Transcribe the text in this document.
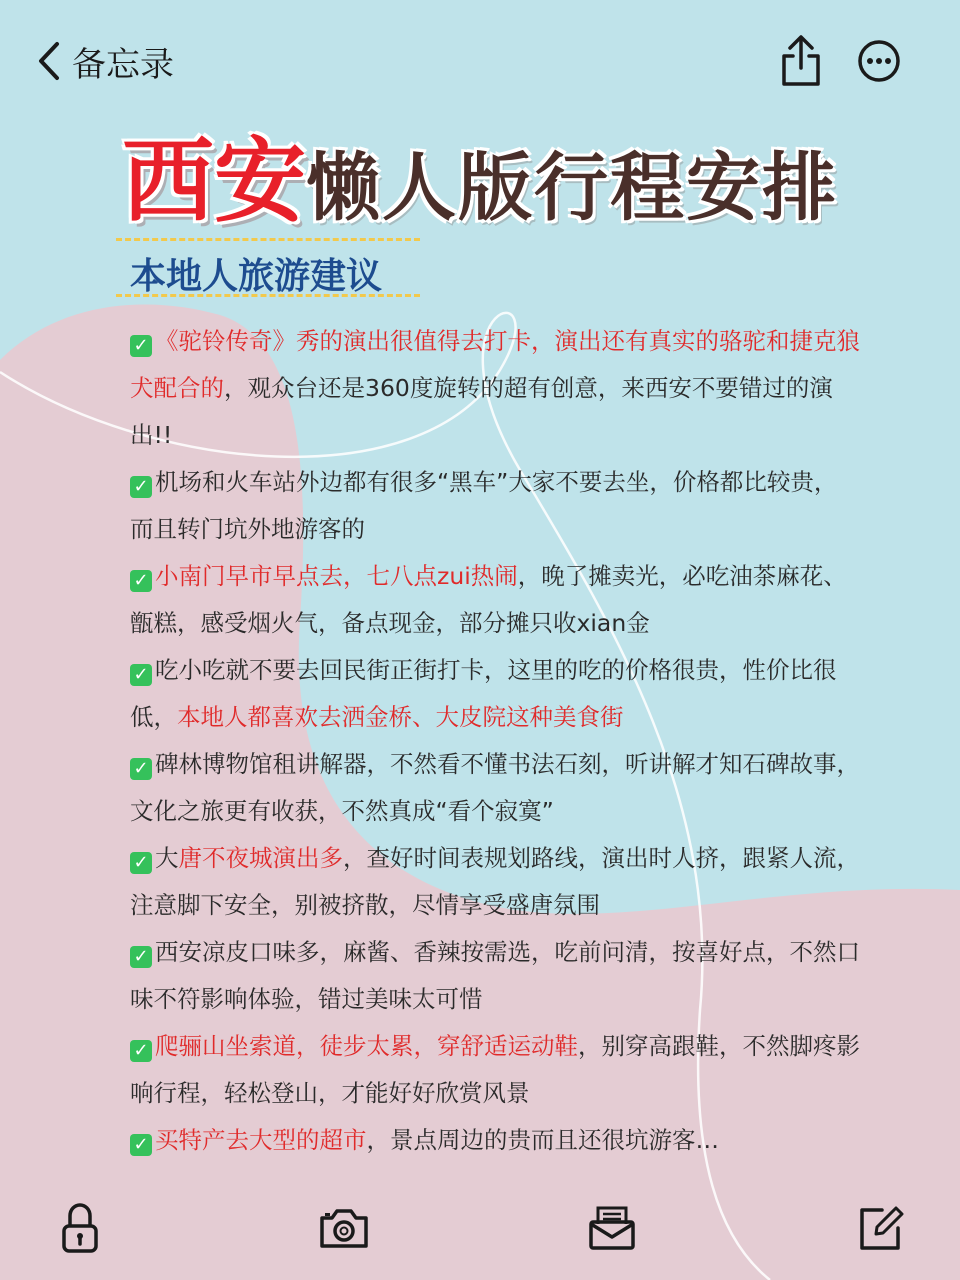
备忘录
西安懒人版行程安排
本地人旅游建议

✓ 《驼铃传奇》秀的演出很值得去打卡，演出还有真实的骆驼和捷克狼犬配合的，观众台还是360度旋转的超有创意，来西安不要错过的演出!!

✓ 机场和火车站外边都有很多“黑车”大家不要去坐，价格都比较贵，而且转门坑外地游客的

✓ 小南门早市早点去，七八点zui热闹，晚了摊卖光，必吃油茶麻花、甑糕，感受烟火气，备点现金，部分摊只收xian金

✓ 吃小吃就不要去回民街正街打卡，这里的吃的价格很贵，性价比很低，本地人都喜欢去洒金桥、大皮院这种美食街

✓ 碑林博物馆租讲解器，不然看不懂书法石刻，听讲解才知石碑故事，文化之旅更有收获，不然真成“看个寂寞”

✓ 大唐不夜城演出多，查好时间表规划路线，演出时人挤，跟紧人流，注意脚下安全，别被挤散，尽情享受盛唐氛围

✓ 西安凉皮口味多，麻酱、香辣按需选，吃前问清，按喜好点，不然口味不符影响体验，错过美味太可惜

✓ 爬骊山坐索道，徒步太累，穿舒适运动鞋，别穿高跟鞋，不然脚疼影响行程，轻松登山，才能好好欣赏风景

✓ 买特产去大型的超市，景点周边的贵而且还很坑游客…
